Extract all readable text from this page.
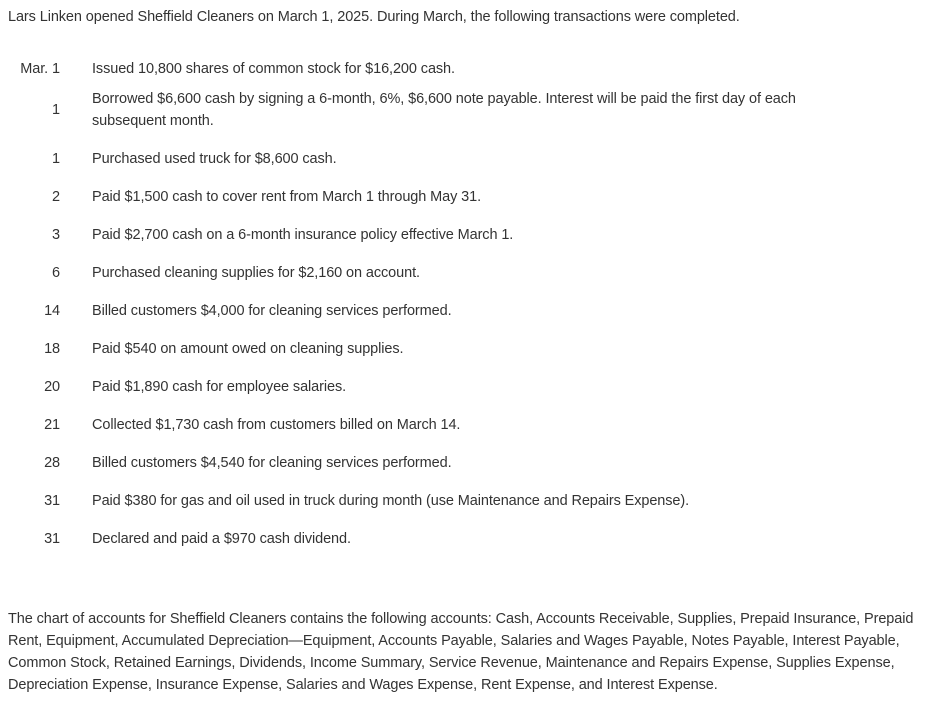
Lars Linken opened Sheffield Cleaners on March 1, 2025. During March, the following transactions were completed.
Mar. 1	Issued 10,800 shares of common stock for $16,200 cash.
1	Borrowed $6,600 cash by signing a 6-month, 6%, $6,600 note payable. Interest will be paid the first day of each subsequent month.
1	Purchased used truck for $8,600 cash.
2	Paid $1,500 cash to cover rent from March 1 through May 31.
3	Paid $2,700 cash on a 6-month insurance policy effective March 1.
6	Purchased cleaning supplies for $2,160 on account.
14	Billed customers $4,000 for cleaning services performed.
18	Paid $540 on amount owed on cleaning supplies.
20	Paid $1,890 cash for employee salaries.
21	Collected $1,730 cash from customers billed on March 14.
28	Billed customers $4,540 for cleaning services performed.
31	Paid $380 for gas and oil used in truck during month (use Maintenance and Repairs Expense).
31	Declared and paid a $970 cash dividend.
The chart of accounts for Sheffield Cleaners contains the following accounts: Cash, Accounts Receivable, Supplies, Prepaid Insurance, Prepaid Rent, Equipment, Accumulated Depreciation—Equipment, Accounts Payable, Salaries and Wages Payable, Notes Payable, Interest Payable, Common Stock, Retained Earnings, Dividends, Income Summary, Service Revenue, Maintenance and Repairs Expense, Supplies Expense, Depreciation Expense, Insurance Expense, Salaries and Wages Expense, Rent Expense, and Interest Expense.
